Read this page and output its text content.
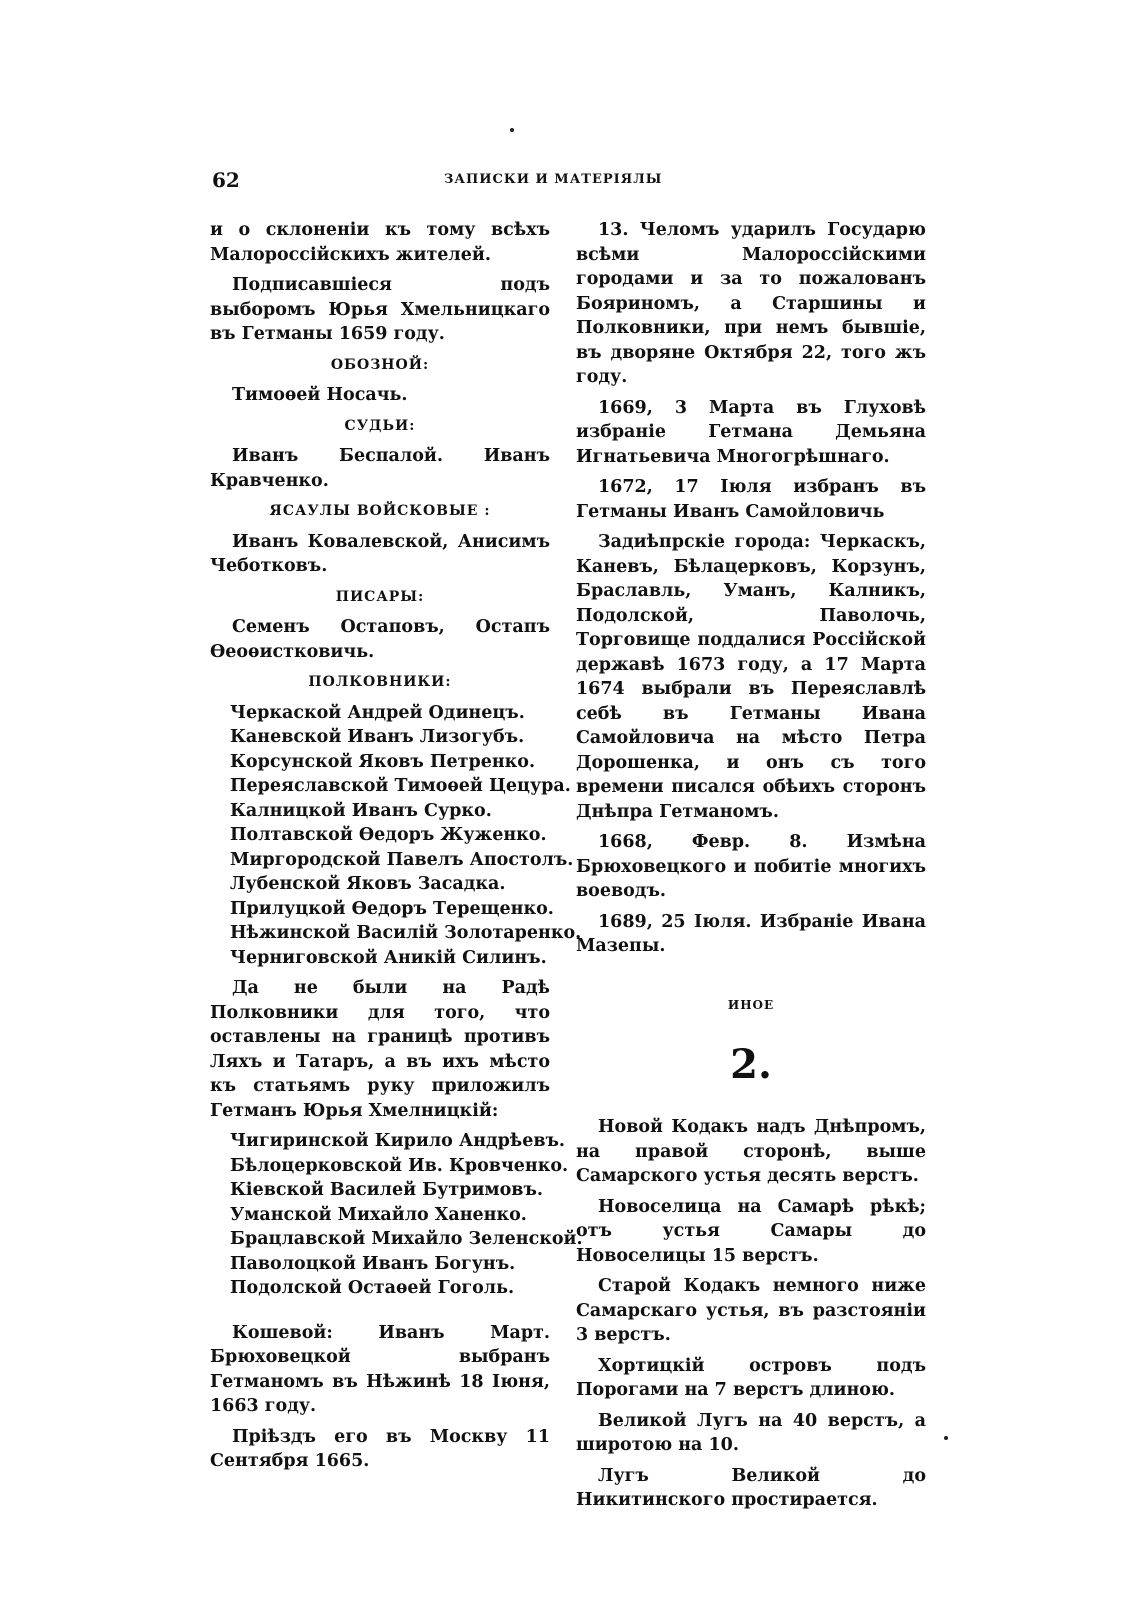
62	ЗАПИСКИ И МАТЕРІЯЛЫ

и о склоненіи къ тому всѣхъ Малороссійскихъ жителей.

Подписавшіеся подъ выборомъ Юрья Хмельницкаго въ Гетманы 1659 году.

ОБОЗНОЙ:

Тимоѳей Носачь.

СУДЬИ:

Иванъ Беспалой. Иванъ Кравченко.

ЯСАУЛЫ ВОЙСКОВЫЕ :

Иванъ Ковалевской, Анисимъ Чеботковъ.

ПИСАРЫ:

Семенъ Остаповъ, Остапъ Ѳеоѳистковичь.

ПОЛКОВНИКИ:
Черкаской Андрей Одинецъ.
Каневской Иванъ Лизогубъ.
Корсунской Яковъ Петренко.
Переяславской Тимоѳей Цецура.
Калницкой Иванъ Сурко.
Полтавской Ѳедоръ Жуженко.
Миргородской Павелъ Апостолъ.
Лубенской Яковъ Засадка.
Прилуцкой Ѳедоръ Терещенко.
Нѣжинской Василій Золотаренко.
Черниговской Аникій Силинъ.

Да не были на Радѣ Полковники для того, что оставлены на границѣ противъ Ляхъ и Татаръ, а въ ихъ мѣсто къ статьямъ руку приложилъ Гетманъ Юрья Хмелницкій:

Чигиринской Кирило Андрѣевъ.
Бѣлоцерковской Ив. Кровченко.
Кіевской Василей Бутримовъ.
Уманской Михайло Ханенко.
Брацлавской Михайло Зеленской.
Паволоцкой Иванъ Богунъ.
Подолской Остаѳей Гоголь.

Кошевой: Иванъ Март. Брюховецкой выбранъ Гетманомъ въ Нѣжинѣ 18 Іюня, 1663 году.

Пріѣздъ его въ Москву 11 Сентября 1665.

13. Челомъ ударилъ Государю всѣми Малороссійскими городами и за то пожалованъ Бояриномъ, а Старшины и Полковники, при немъ бывшіе, въ дворяне Октября 22, того жъ году.

1669, 3 Марта въ Глуховѣ избраніе Гетмана Демьяна Игнатьевича Многогрѣшнаго.

1672, 17 Іюля избранъ въ Гетманы Иванъ Самойловичь

Задиѣпрскіе города: Черкаскъ, Каневъ, Бѣлацерковъ, Корзунъ, Браславль, Уманъ, Калникъ, Подолской, Паволочь, Торговище поддалися Россійской державѣ 1673 году, а 17 Марта 1674 выбрали въ Переяславлѣ себѣ въ Гетманы Ивана Самойловича на мѣсто Петра Дорошенка, и онъ съ того времени писался обѣихъ сторонъ Днѣпра Гетманомъ.

1668, Февр. 8. Измѣна Брюховецкого и побитіе многихъ воеводъ.

1689, 25 Іюля. Избраніе Ивана Мазепы.

ИНОЕ
2.

Новой Кодакъ надъ Днѣпромъ, на правой сторонѣ, выше Самарского устья десять верстъ.

Новоселица на Самарѣ рѣкѣ; отъ устья Самары до Новоселицы 15 верстъ.

Старой Кодакъ немного ниже Самарскаго устья, въ разстояніи 3 верстъ.

Хортицкій островъ подъ Порогами на 7 верстъ длиною.

Великой Лугъ на 40 верстъ, а широтою на 10.

Лугъ Великой до Никитинского простирается.
